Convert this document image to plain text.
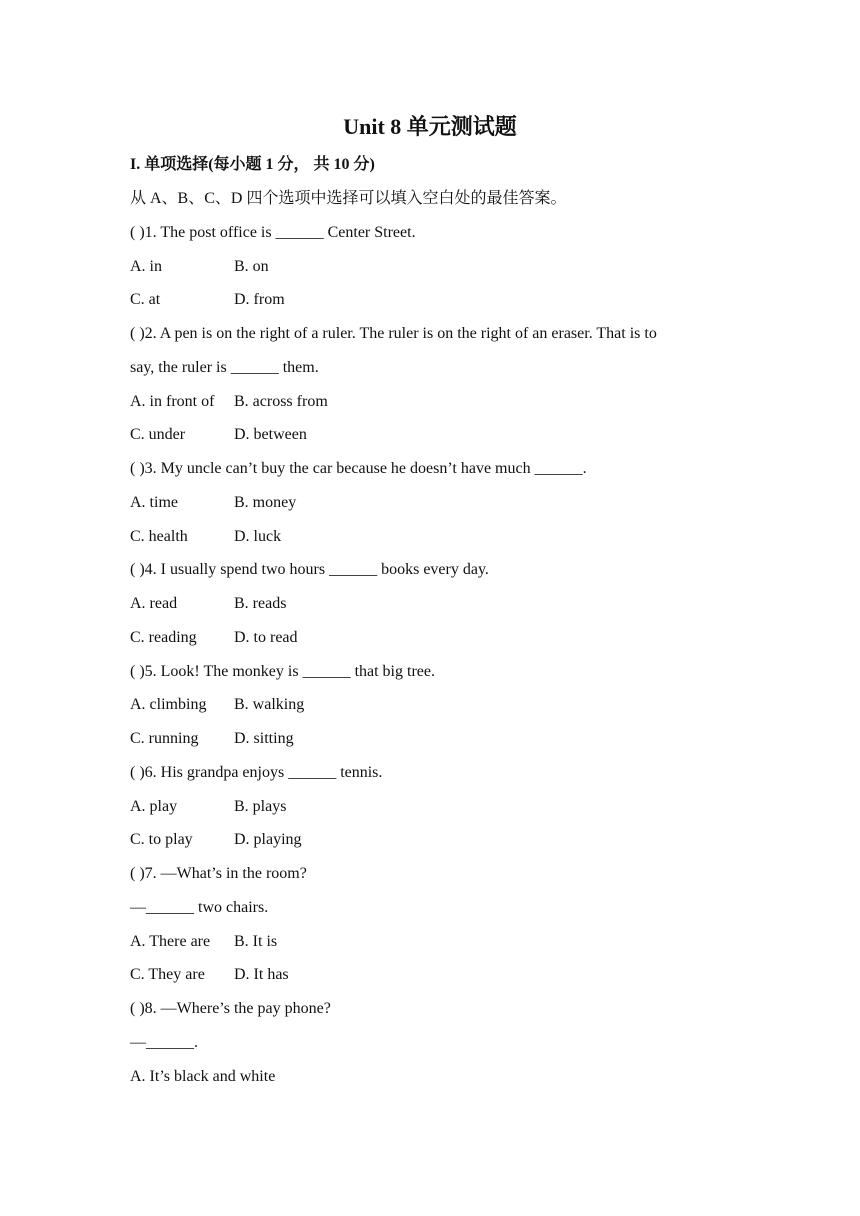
Unit 8 单元测试题
I. 单项选择(每小题 1 分， 共 10 分)
从 A、B、C、D 四个选项中选择可以填入空白处的最佳答案。
( )1. The post office is ______ Center Street.
A. in	B. on
C. at	D. from
( )2. A pen is on the right of a ruler. The ruler is on the right of an eraser. That is to
say, the ruler is ______ them.
A. in front of	B. across from
C. under	D. between
( )3. My uncle can’t buy the car because he doesn’t have much ______.
A. time	B. money
C. health	D. luck
( )4. I usually spend two hours ______ books every day.
A. read	B. reads
C. reading	D. to read
( )5. Look! The monkey is ______ that big tree.
A. climbing	B. walking
C. running	D. sitting
( )6. His grandpa enjoys ______ tennis.
A. play	B. plays
C. to play	D. playing
( )7. —What’s in the room?
—______ two chairs.
A. There are	B. It is
C. They are	D. It has
( )8. —Where’s the pay phone?
—______.
A. It’s black and white
